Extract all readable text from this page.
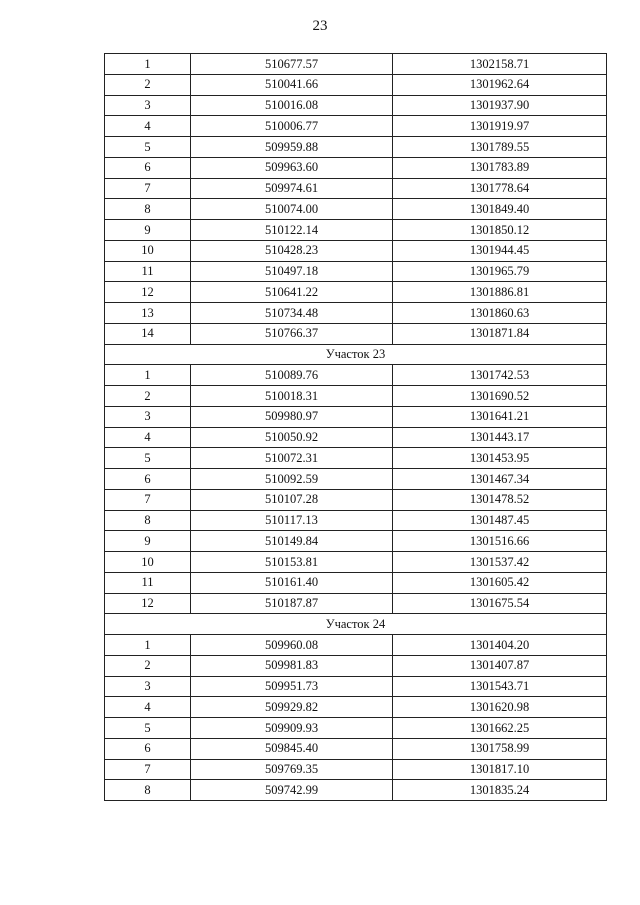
23
1	510677.57	1302158.71
2	510041.66	1301962.64
3	510016.08	1301937.90
4	510006.77	1301919.97
5	509959.88	1301789.55
6	509963.60	1301783.89
7	509974.61	1301778.64
8	510074.00	1301849.40
9	510122.14	1301850.12
10	510428.23	1301944.45
11	510497.18	1301965.79
12	510641.22	1301886.81
13	510734.48	1301860.63
14	510766.37	1301871.84
Участок 23		
1	510089.76	1301742.53
2	510018.31	1301690.52
3	509980.97	1301641.21
4	510050.92	1301443.17
5	510072.31	1301453.95
6	510092.59	1301467.34
7	510107.28	1301478.52
8	510117.13	1301487.45
9	510149.84	1301516.66
10	510153.81	1301537.42
11	510161.40	1301605.42
12	510187.87	1301675.54
Участок 24		
1	509960.08	1301404.20
2	509981.83	1301407.87
3	509951.73	1301543.71
4	509929.82	1301620.98
5	509909.93	1301662.25
6	509845.40	1301758.99
7	509769.35	1301817.10
8	509742.99	1301835.24
